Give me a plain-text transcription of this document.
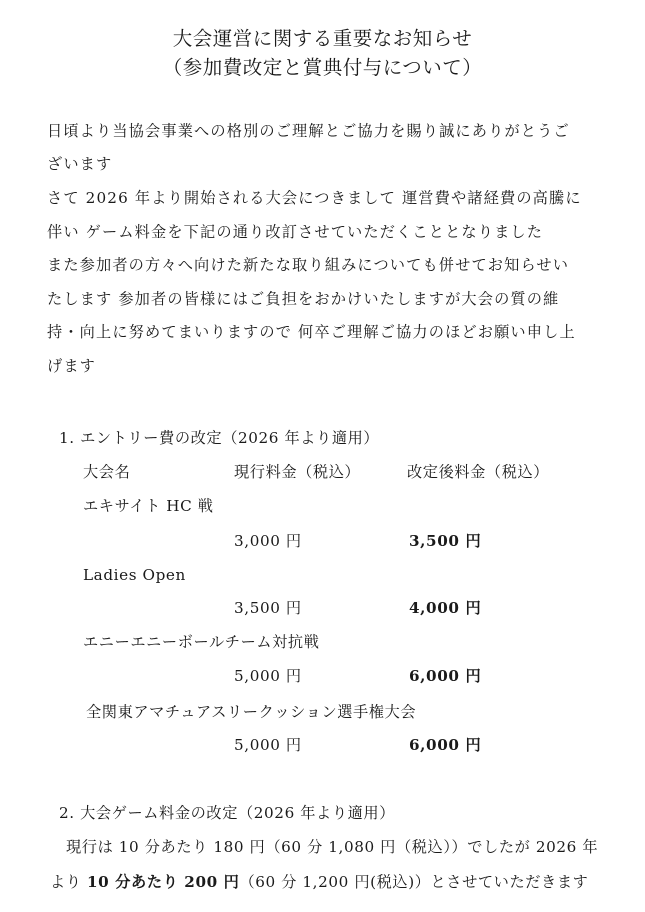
大会運営に関する重要なお知らせ
（参加費改定と賞典付与について）
日頃より当協会事業への格別のご理解とご協力を賜り誠にありがとうご
ざいます
さて 2026 年より開始される大会につきまして 運営費や諸経費の高騰に
伴い ゲーム料金を下記の通り改訂させていただくこととなりました
また参加者の方々へ向けた新たな取り組みについても併せてお知らせい
たします 参加者の皆様にはご負担をおかけいたしますが大会の質の維
持・向上に努めてまいりますので 何卒ご理解ご協力のほどお願い申し上
げます
1. エントリー費の改定（2026 年より適用）
大会名	現行料金（税込）	改定後料金（税込）
エキサイト HC 戦
3,000 円	3,500 円
Ladies Open
3,500 円	4,000 円
エニーエニーボールチーム対抗戦
5,000 円	6,000 円
全関東アマチュアスリークッション選手権大会
5,000 円	6,000 円
2. 大会ゲーム料金の改定（2026 年より適用）
現行は 10 分あたり 180 円（60 分 1,080 円（税込））でしたが 2026 年
より 10 分あたり 200 円（60 分 1,200 円(税込)）とさせていただきます
